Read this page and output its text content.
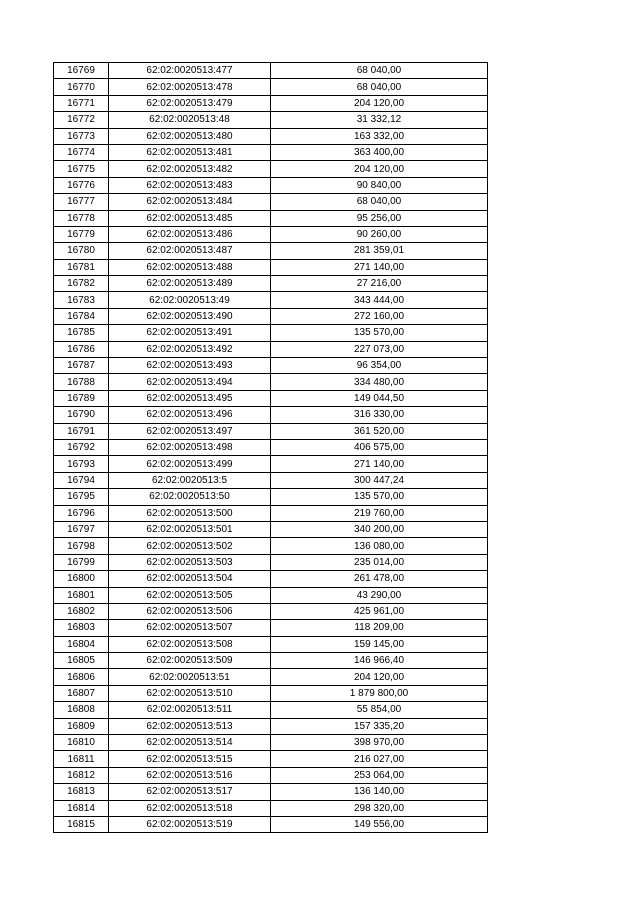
16769	62:02:0020513:477	68 040,00
16770	62:02:0020513:478	68 040,00
16771	62:02:0020513:479	204 120,00
16772	62:02:0020513:48	31 332,12
16773	62:02:0020513:480	163 332,00
16774	62:02:0020513:481	363 400,00
16775	62:02:0020513:482	204 120,00
16776	62:02:0020513:483	90 840,00
16777	62:02:0020513:484	68 040,00
16778	62:02:0020513:485	95 256,00
16779	62:02:0020513:486	90 260,00
16780	62:02:0020513:487	281 359,01
16781	62:02:0020513:488	271 140,00
16782	62:02:0020513:489	27 216,00
16783	62:02:0020513:49	343 444,00
16784	62:02:0020513:490	272 160,00
16785	62:02:0020513:491	135 570,00
16786	62:02:0020513:492	227 073,00
16787	62:02:0020513:493	96 354,00
16788	62:02:0020513:494	334 480,00
16789	62:02:0020513:495	149 044,50
16790	62:02:0020513:496	316 330,00
16791	62:02:0020513:497	361 520,00
16792	62:02:0020513:498	406 575,00
16793	62:02:0020513:499	271 140,00
16794	62:02:0020513:5	300 447,24
16795	62:02:0020513:50	135 570,00
16796	62:02:0020513:500	219 760,00
16797	62:02:0020513:501	340 200,00
16798	62:02:0020513:502	136 080,00
16799	62:02:0020513:503	235 014,00
16800	62:02:0020513:504	261 478,00
16801	62:02:0020513:505	43 290,00
16802	62:02:0020513:506	425 961,00
16803	62:02:0020513:507	118 209,00
16804	62:02:0020513:508	159 145,00
16805	62:02:0020513:509	146 966,40
16806	62:02:0020513:51	204 120,00
16807	62:02:0020513:510	1 879 800,00
16808	62:02:0020513:511	55 854,00
16809	62:02:0020513:513	157 335,20
16810	62:02:0020513:514	398 970,00
16811	62:02:0020513:515	216 027,00
16812	62:02:0020513:516	253 064,00
16813	62:02:0020513:517	136 140,00
16814	62:02:0020513:518	298 320,00
16815	62:02:0020513:519	149 556,00
